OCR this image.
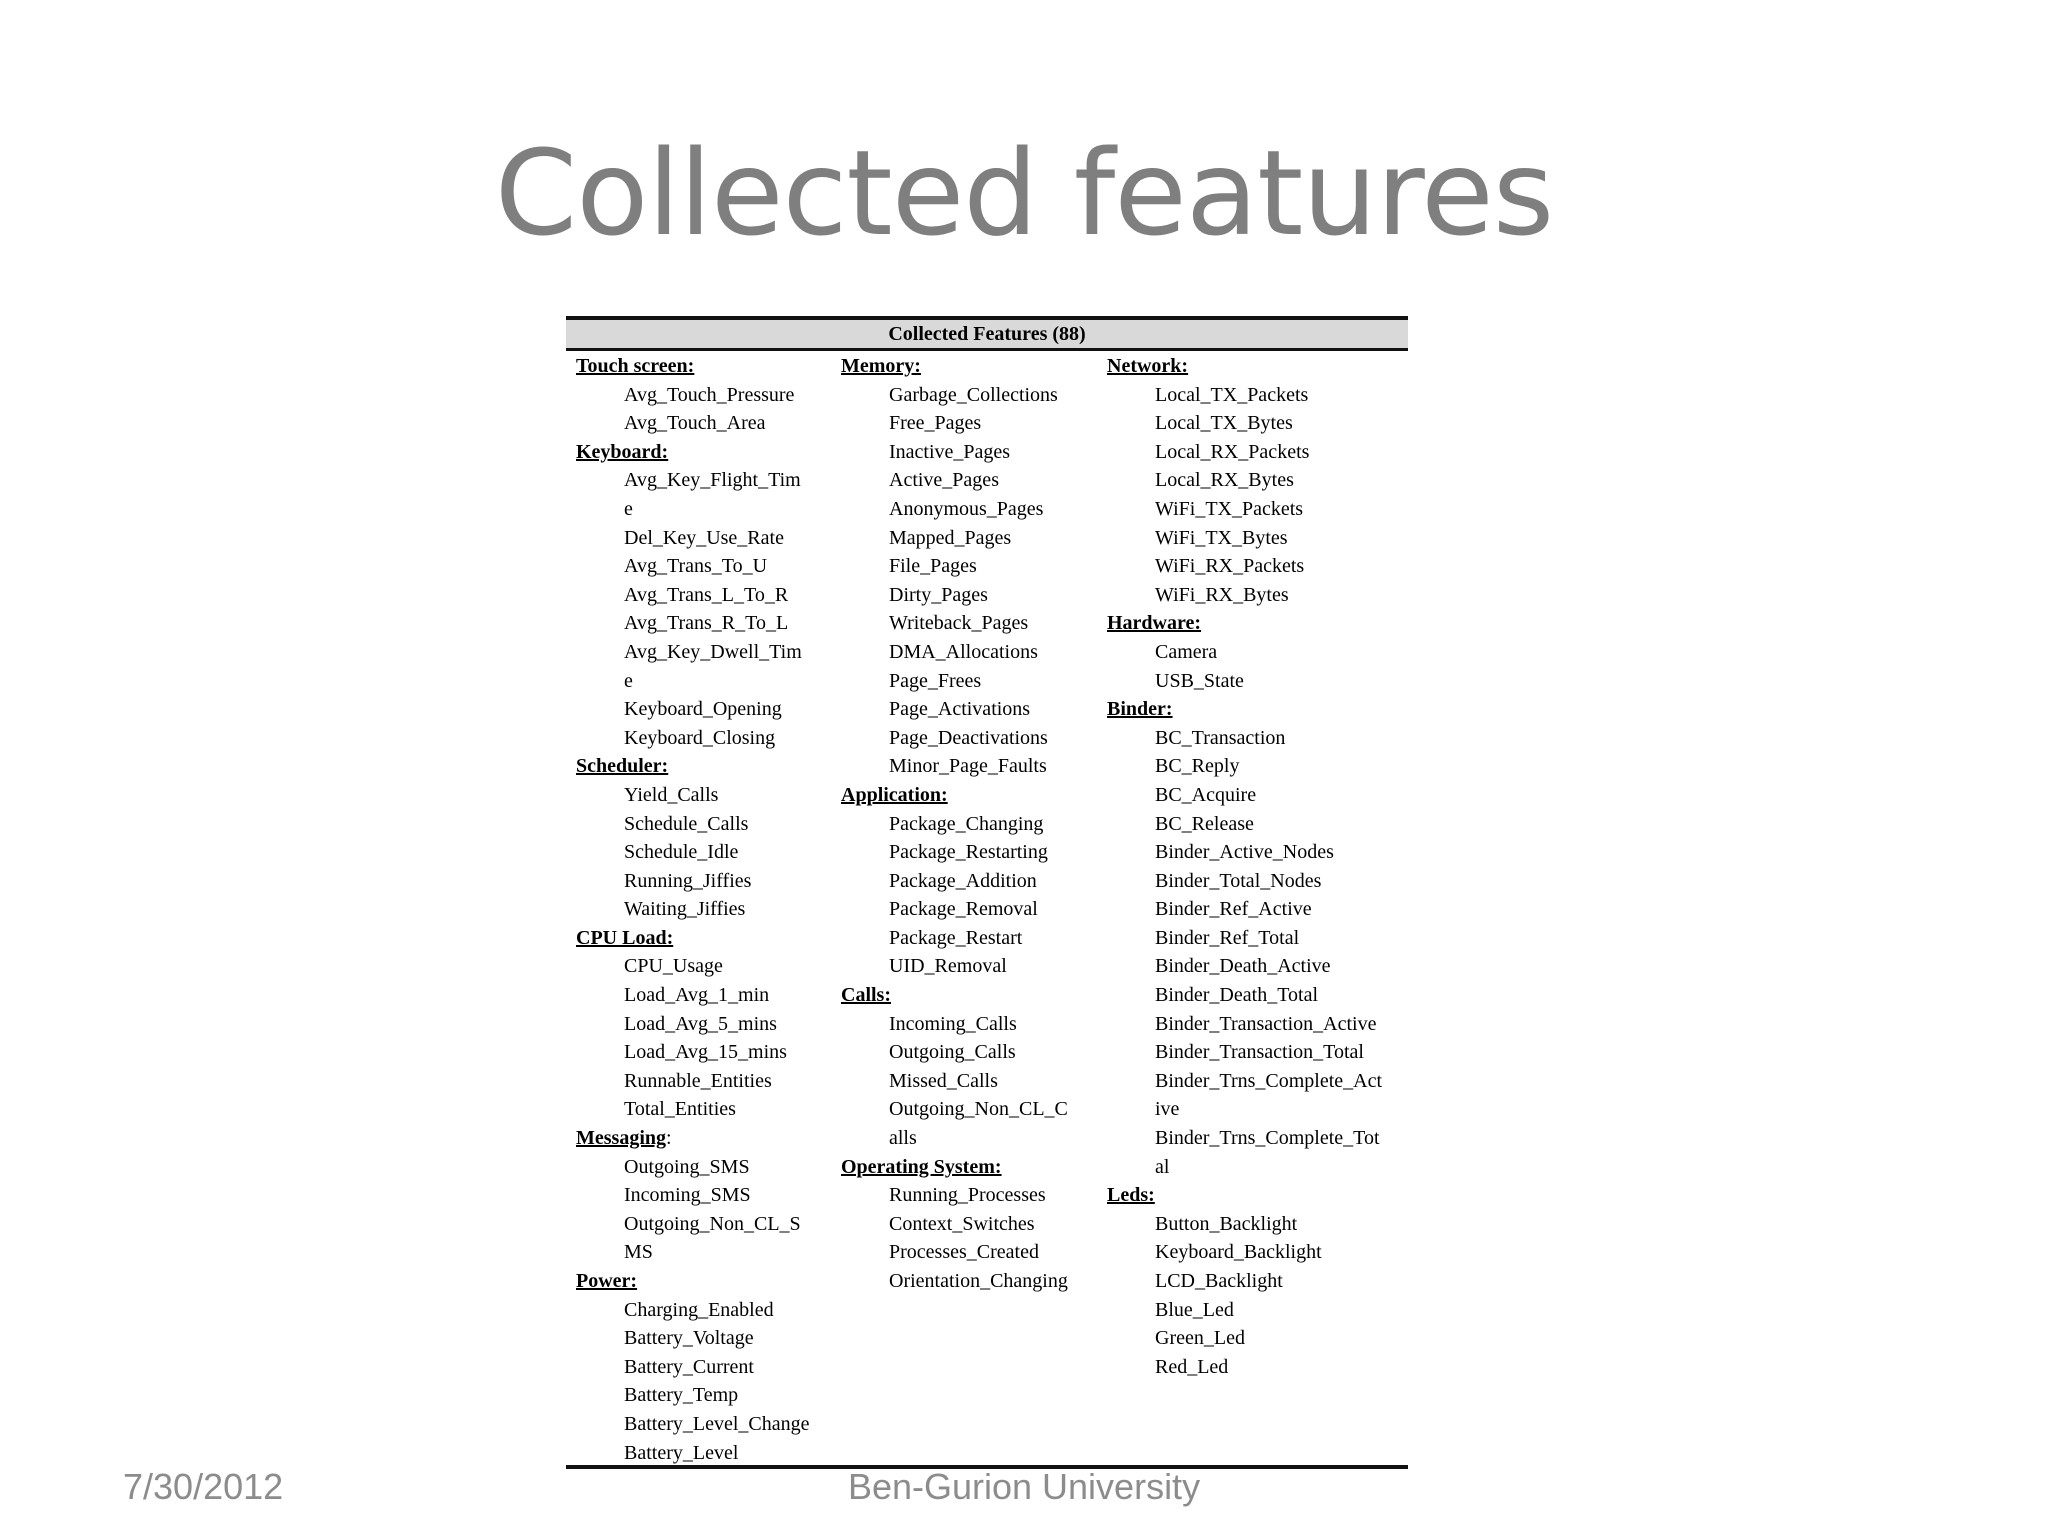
Collected features
Collected Features (88)
Touch screen:
Avg_Touch_Pressure
Avg_Touch_Area
Keyboard:
Avg_Key_Flight_Tim
e
Del_Key_Use_Rate
Avg_Trans_To_U
Avg_Trans_L_To_R
Avg_Trans_R_To_L
Avg_Key_Dwell_Tim
e
Keyboard_Opening
Keyboard_Closing
Scheduler:
Yield_Calls
Schedule_Calls
Schedule_Idle
Running_Jiffies
Waiting_Jiffies
CPU Load:
CPU_Usage
Load_Avg_1_min
Load_Avg_5_mins
Load_Avg_15_mins
Runnable_Entities
Total_Entities
Messaging:
Outgoing_SMS
Incoming_SMS
Outgoing_Non_CL_S
MS
Power:
Charging_Enabled
Battery_Voltage
Battery_Current
Battery_Temp
Battery_Level_Change
Battery_Level
Memory:
Garbage_Collections
Free_Pages
Inactive_Pages
Active_Pages
Anonymous_Pages
Mapped_Pages
File_Pages
Dirty_Pages
Writeback_Pages
DMA_Allocations
Page_Frees
Page_Activations
Page_Deactivations
Minor_Page_Faults
Application:
Package_Changing
Package_Restarting
Package_Addition
Package_Removal
Package_Restart
UID_Removal
Calls:
Incoming_Calls
Outgoing_Calls
Missed_Calls
Outgoing_Non_CL_C
alls
Operating System:
Running_Processes
Context_Switches
Processes_Created
Orientation_Changing
Network:
Local_TX_Packets
Local_TX_Bytes
Local_RX_Packets
Local_RX_Bytes
WiFi_TX_Packets
WiFi_TX_Bytes
WiFi_RX_Packets
WiFi_RX_Bytes
Hardware:
Camera
USB_State
Binder:
BC_Transaction
BC_Reply
BC_Acquire
BC_Release
Binder_Active_Nodes
Binder_Total_Nodes
Binder_Ref_Active
Binder_Ref_Total
Binder_Death_Active
Binder_Death_Total
Binder_Transaction_Active
Binder_Transaction_Total
Binder_Trns_Complete_Act
ive
Binder_Trns_Complete_Tot
al
Leds:
Button_Backlight
Keyboard_Backlight
LCD_Backlight
Blue_Led
Green_Led
Red_Led
7/30/2012	Ben-Gurion University
